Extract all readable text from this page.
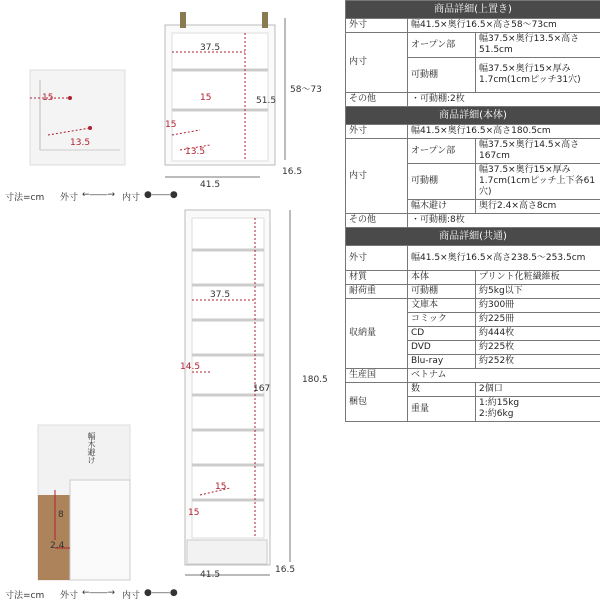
15
13.5
37.5
51.5
58〜73
15
15
13.5
41.5
16.5
寸法=cm 外寸 ←――→ 内寸 ●――●
37.5
167
180.5
14.5
15
15
41.5	16.5
幅木避け
8
2.4
寸法=cm 外寸 ←――→ 内寸 ●――●
商品詳細(上置き)		
外寸	幅41.5×奥行16.5×高さ58〜73cm	
内寸	オープン部	幅37.5×奥行13.5×高さ51.5cm
	可動棚	幅37.5×奥行15×厚み1.7cm(1cmピッチ31穴)
その他	・可動棚:2枚	
商品詳細(本体)		
外寸	幅41.5×奥行16.5×高さ180.5cm	
内寸	オープン部	幅37.5×奥行14.5×高さ167cm
	可動棚	幅37.5×奥行15×厚み1.7cm(1cmピッチ上下各61穴)
	幅木避け	奥行2.4×高さ8cm
その他	・可動棚:8枚	
商品詳細(共通)		
外寸	幅41.5×奥行16.5×高さ238.5〜253.5cm	
材質	本体	プリント化粧繊維板
耐荷重	可動棚	約5kg以下
収納量	文庫本	約300冊
	コミック	約225冊
	CD	約444枚
	DVD	約225枚
	Blu-ray	約252枚
生産国	ベトナム	
梱包	数	2個口
	重量	1:約15kg
2:約6kg
